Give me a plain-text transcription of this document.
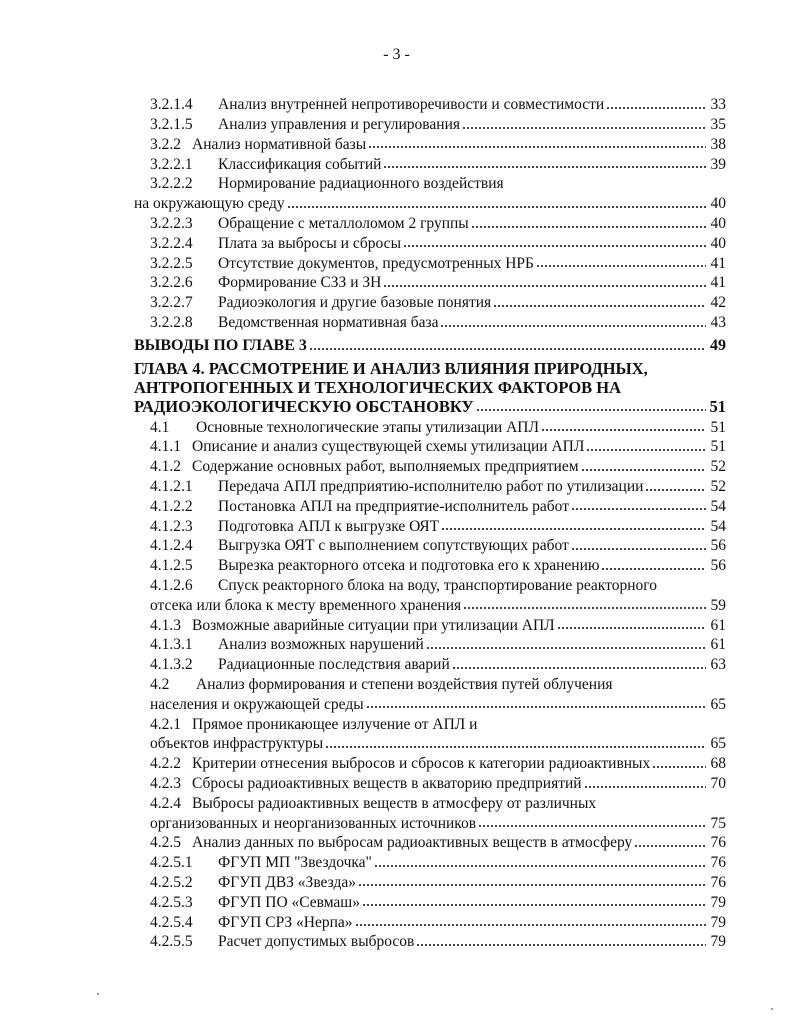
- 3 -
3.2.1.4	Анализ внутренней непротиворечивости и совместимости	33
3.2.1.5	Анализ управления и регулирования	35
3.2.2 Анализ нормативной базы	38
3.2.2.1	Классификация событий	39
3.2.2.2	Нормирование радиационного воздействия
на окружающую среду	40
3.2.2.3	Обращение с металлоломом 2 группы	40
3.2.2.4	Плата за выбросы и сбросы	40
3.2.2.5	Отсутствие документов, предусмотренных НРБ	41
3.2.2.6	Формирование СЗЗ и ЗН	41
3.2.2.7	Радиоэкология и другие базовые понятия	42
3.2.2.8	Ведомственная нормативная база	43
ВЫВОДЫ ПО ГЛАВЕ 3	49
ГЛАВА 4. РАССМОТРЕНИЕ И АНАЛИЗ ВЛИЯНИЯ ПРИРОДНЫХ,
АНТРОПОГЕННЫХ И ТЕХНОЛОГИЧЕСКИХ ФАКТОРОВ НА
РАДИОЭКОЛОГИЧЕСКУЮ ОБСТАНОВКУ	51
4.1	Основные технологические этапы утилизации АПЛ	51
4.1.1 Описание и анализ существующей схемы утилизации АПЛ	51
4.1.2 Содержание основных работ, выполняемых предприятием	52
4.1.2.1	Передача АПЛ предприятию-исполнителю работ по утилизации	52
4.1.2.2	Постановка АПЛ на предприятие-исполнитель работ	54
4.1.2.3	Подготовка АПЛ к выгрузке ОЯТ	54
4.1.2.4	Выгрузка ОЯТ с выполнением сопутствующих работ	56
4.1.2.5	Вырезка реакторного отсека и подготовка его к хранению	56
4.1.2.6	Спуск реакторного блока на воду, транспортирование реакторного
отсека или блока к месту временного хранения	59
4.1.3 Возможные аварийные ситуации при утилизации АПЛ	61
4.1.3.1	Анализ возможных нарушений	61
4.1.3.2	Радиационные последствия аварий	63
4.2	Анализ формирования и степени воздействия путей облучения
населения и окружающей среды	65
4.2.1 Прямое проникающее излучение от АПЛ и
объектов инфраструктуры	65
4.2.2 Критерии отнесения выбросов и сбросов к категории радиоактивных	68
4.2.3 Сбросы радиоактивных веществ в акваторию предприятий	70
4.2.4 Выбросы радиоактивных веществ в атмосферу от различных
организованных и неорганизованных источников	75
4.2.5 Анализ данных по выбросам радиоактивных веществ в атмосферу	76
4.2.5.1	ФГУП МП "Звездочка"	76
4.2.5.2	ФГУП ДВЗ «Звезда»	76
4.2.5.3	ФГУП ПО «Севмаш»	79
4.2.5.4	ФГУП СРЗ «Нерпа»	79
4.2.5.5	Расчет допустимых выбросов	79
